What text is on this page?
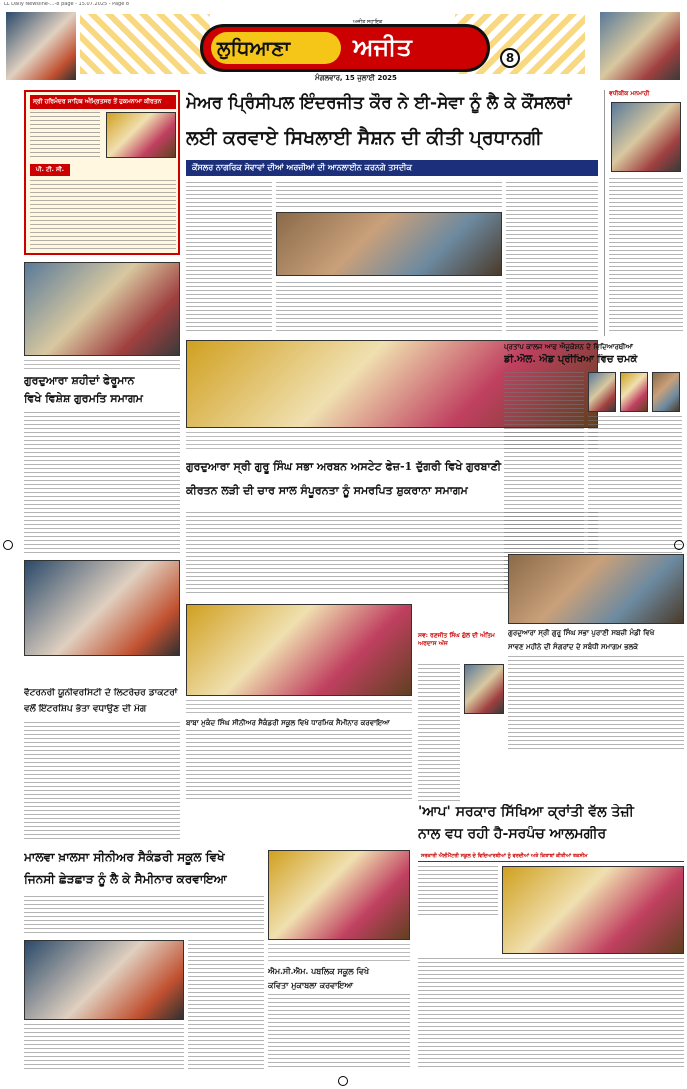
LL Daily Newsline-...-8 page - 15.07.2025 - Page 8
ਲੁਧਿਆਣਾ	ਅਜੀਤ
ਅਜੀਤ ਸਹਾਇਕ
8
ਮੰਗਲਵਾਰ, 15 ਜੁਲਾਈ 2025
ਸ੍ਰੀ ਹਰਿਮੰਦਰ ਸਾਹਿਬ ਅੰਮ੍ਰਿਤਸਰ ਤੋਂ ਹੁਕਮਨਾਮਾ ਕੀਰਤਨ
ਪੀ. ਟੀ. ਸੀ.
ਮੇਅਰ ਪ੍ਰਿੰਸੀਪਲ ਇੰਦਰਜੀਤ ਕੌਰ ਨੇ ਈ-ਸੇਵਾ ਨੂੰ ਲੈ ਕੇ ਕੌਂਸਲਰਾਂ
ਲਈ ਕਰਵਾਏ ਸਿਖਲਾਈ ਸੈਸ਼ਨ ਦੀ ਕੀਤੀ ਪ੍ਰਧਾਨਗੀ
ਕੌਂਸਲਰ ਨਾਗਰਿਕ ਸੇਵਾਵਾਂ ਦੀਆਂ ਅਰਜ਼ੀਆਂ ਦੀ ਆਨਲਾਈਨ ਕਰਨਗੇ ਤਸਦੀਕ
ਵਧੀਕੀਕ ਮਨਮਾਹੀ
ਗੁਰਦੁਆਰਾ ਸ਼ਹੀਦਾਂ ਫੇਰੂਮਾਨ
ਵਿਖੇ ਵਿਸ਼ੇਸ਼ ਗੁਰਮਤਿ ਸਮਾਗਮ
ਗੁਰਦੁਆਰਾ ਸ੍ਰੀ ਗੁਰੂ ਸਿੰਘ ਸਭਾ ਅਰਬਨ ਅਸਟੇਟ ਫੇਜ਼-1 ਦੁੱਗਰੀ ਵਿਖੇ ਗੁਰਬਾਣੀ
ਕੀਰਤਨ ਲੜੀ ਦੀ ਚਾਰ ਸਾਲ ਸੰਪੂਰਨਤਾ ਨੂੰ ਸਮਰਪਿਤ ਸ਼ੁਕਰਾਨਾ ਸਮਾਗਮ
ਪ੍ਰਤਾਪ ਕਾਲਜ ਆਫ ਐਜੂਕੇਸ਼ਨ ਦੇ ਵਿਦਿਆਰਥੀਆਂ
ਡੀ.ਐਲ. ਐਡ ਪ੍ਰੀਖਿਆ ਵਿਚ ਚਮਕੇ
ਵੈਟਰਨਰੀ ਯੂਨੀਵਰਸਿਟੀ ਦੇ ਲਿਟਰੇਚਰ ਡਾਕਟਰਾਂ
ਵਲੋਂ ਇੰਟਰਸ਼ਿਪ ਭੱਤਾ ਵਧਾਉਣ ਦੀ ਮੰਗ
ਬਾਬਾ ਮੁਕੰਦ ਸਿੰਘ ਸੀਨੀਅਰ ਸੈਕੰਡਰੀ ਸਕੂਲ ਵਿਖੇ ਧਾਰਮਿਕ ਸੈਮੀਨਾਰ ਕਰਵਾਇਆ
ਸਵ: ਰਣਜੀਤ ਸਿੰਘ ਗੁੱਲ ਦੀ ਅੰਤਿਮ ਅਰਦਾਸ ਅੱਜ
ਗੁਰਦੁਆਰਾ ਸ੍ਰੀ ਗੁਰੂ ਸਿੰਘ ਸਭਾ ਪੁਰਾਣੀ ਸਬਜ਼ੀ ਮੰਡੀ ਵਿਖੇ
ਸਾਵਣ ਮਹੀਨੇ ਦੀ ਸੰਗਰਾਂਦ ਦੇ ਸਬੰਧੀ ਸਮਾਗਮ ਭਲਕੇ
'ਆਪ' ਸਰਕਾਰ ਸਿੱਖਿਆ ਕ੍ਰਾਂਤੀ ਵੱਲ ਤੇਜ਼ੀ
ਨਾਲ ਵਧ ਰਹੀ ਹੈ-ਸਰਪੰਚ ਆਲਮਗੀਰ
ਮਾਲਵਾ ਖ਼ਾਲਸਾ ਸੀਨੀਅਰ ਸੈਕੰਡਰੀ ਸਕੂਲ ਵਿਖੇ
ਜਿਨਸੀ ਛੇੜਛਾੜ ਨੂੰ ਲੈ ਕੇ ਸੈਮੀਨਾਰ ਕਰਵਾਇਆ
ਐਮ.ਸੀ.ਐਮ. ਪਬਲਿਕ ਸਕੂਲ ਵਿਖੇ
ਕਵਿਤਾ ਮੁਕਾਬਲਾ ਕਰਵਾਇਆ
ਸਰਕਾਰੀ ਐਲੀਮੈਂਟਰੀ ਸਕੂਲ ਦੇ ਵਿਦਿਆਰਥੀਆਂ ਨੂੰ ਵਰਦੀਆਂ ਅਤੇ ਕਿਤਾਬਾਂ ਕੀਤੀਆਂ ਤਕਸੀਮ
